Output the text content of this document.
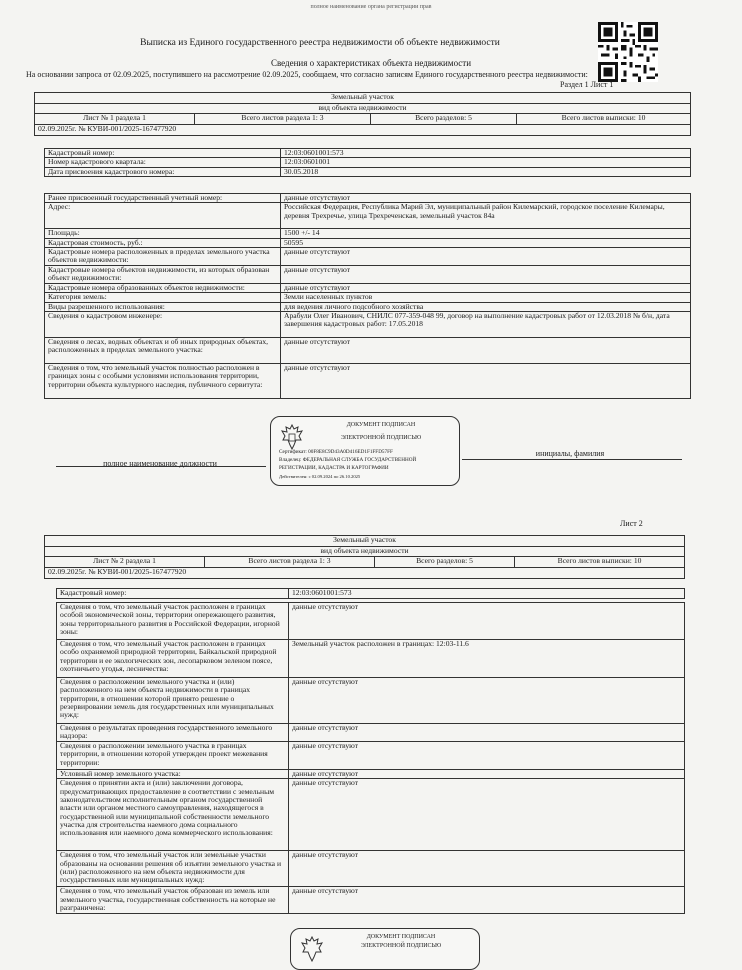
полное наименование органа регистрации прав
Выписка из Единого государственного реестра недвижимости об объекте недвижимости
Сведения о характеристиках объекта недвижимости
На основании запроса от 02.09.2025, поступившего на рассмотрение 02.09.2025, сообщаем, что согласно записям Единого государственного реестра недвижимости:
Раздел 1 Лист 1
Земельный участок
вид объекта недвижимости
Лист № 1 раздела 1	Всего листов раздела 1: 3	Всего разделов: 5	Всего листов выписки: 10
02.09.2025г. № КУВИ-001/2025-167477920
Кадастровый номер:	12:03:0601001:573
Номер кадастрового квартала:	12:03:0601001
Дата присвоения кадастрового номера:	30.05.2018
Ранее присвоенный государственный учетный номер:	данные отсутствуют
Адрес:	Российская Федерация, Республика Марий Эл, муниципальный район Килемарский, городское поселение Килемары, деревня Трехречье, улица Трехреченская, земельный участок 84а
Площадь:	1500 +/- 14
Кадастровая стоимость, руб.:	50595
Кадастровые номера расположенных в пределах земельного участка объектов недвижимости:	данные отсутствуют
Кадастровые номера объектов недвижимости, из которых образован объект недвижимости:	данные отсутствуют
Кадастровые номера образованных объектов недвижимости:	данные отсутствуют
Категория земель:	Земли населенных пунктов
Виды разрешенного использования:	для ведения личного подсобного хозяйства
Сведения о кадастровом инженере:	Арабули Олег Иванович, СНИЛС 077-359-048 99, договор на выполнение кадастровых работ от 12.03.2018 № б/н, дата завершения кадастровых работ: 17.05.2018
Сведения о лесах, водных объектах и об иных природных объектах, расположенных в пределах земельного участка:	данные отсутствуют
Сведения о том, что земельный участок полностью расположен в границах зоны с особыми условиями использования территории, территории объекта культурного наследия, публичного сервитута:	данные отсутствуют
полное наименование должности
инициалы, фамилия
ДОКУМЕНТ ПОДПИСАН
ЭЛЕКТРОННОЙ ПОДПИСЬЮ
Сертификат: 00F8E8C9D43A0D416ED1F1FFD57FF
Владелец: ФЕДЕРАЛЬНАЯ СЛУЖБА ГОСУДАРСТВЕННОЙ
РЕГИСТРАЦИИ, КАДАСТРА И КАРТОГРАФИИ
Действителен: с 02.09.2024 по 26.10.2025
Лист 2
Земельный участок
вид объекта недвижимости
Лист № 2 раздела 1	Всего листов раздела 1: 3	Всего разделов: 5	Всего листов выписки: 10
02.09.2025г. № КУВИ-001/2025-167477920
Кадастровый номер:	12:03:0601001:573
Сведения о том, что земельный участок расположен в границах особой экономической зоны, территории опережающего развития, зоны территориального развития в Российской Федерации, игорной зоны:	данные отсутствуют
Сведения о том, что земельный участок расположен в границах особо охраняемой природной территории, Байкальской природной территории и ее экологических зон, лесопарковом зеленом поясе, охотничьего угодья, лесничества:	Земельный участок расположен в границах: 12:03-11.6
Сведения о расположении земельного участка и (или) расположенного на нем объекта недвижимости в границах территории, в отношении которой принято решение о резервировании земель для государственных или муниципальных нужд:	данные отсутствуют
Сведения о результатах проведения государственного земельного надзора:	данные отсутствуют
Сведения о расположении земельного участка в границах территории, в отношении которой утвержден проект межевания территории:	данные отсутствуют
Условный номер земельного участка:	данные отсутствуют
Сведения о принятии акта и (или) заключении договора, предусматривающих предоставление в соответствии с земельным законодательством исполнительным органом государственной власти или органом местного самоуправления, находящегося в государственной или муниципальной собственности земельного участка для строительства наемного дома социального использования или наемного дома коммерческого использования:	данные отсутствуют
Сведения о том, что земельный участок или земельные участки образованы на основании решения об изъятии земельного участка и (или) расположенного на нем объекта недвижимости для государственных или муниципальных нужд:	данные отсутствуют
Сведения о том, что земельный участок образован из земель или земельного участка, государственная собственность на которые не разграничена:	данные отсутствуют
ДОКУМЕНТ ПОДПИСАН
ЭЛЕКТРОННОЙ ПОДПИСЬЮ
